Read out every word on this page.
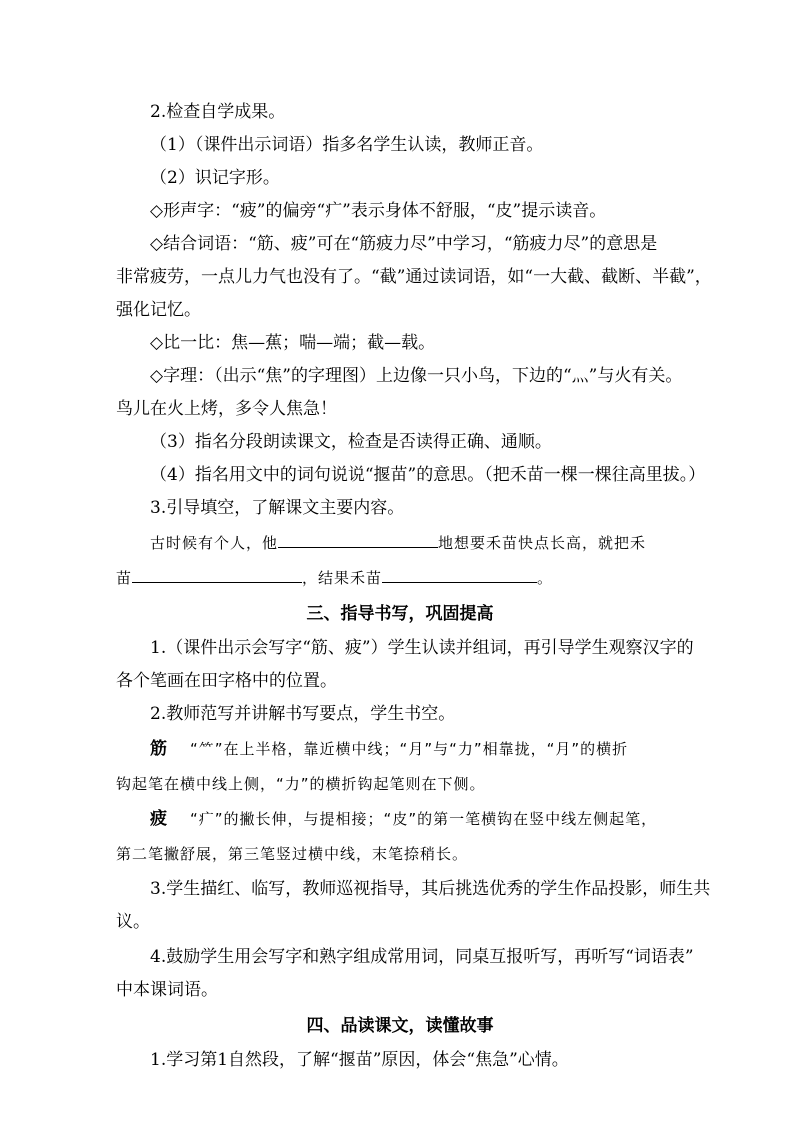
2.检查自学成果。

（1）（课件出示词语）指多名学生认读，教师正音。

（2）识记字形。

◇形声字：“疲”的偏旁“疒”表示身体不舒服，“皮”提示读音。

◇结合词语：“筋、疲”可在“筋疲力尽”中学习，“筋疲力尽”的意思是

非常疲劳，一点儿力气也没有了。“截”通过读词语，如“一大截、截断、半截”，

强化记忆。

◇比一比：焦—蕉；喘—端；截—载。

◇字理：（出示“焦”的字理图）上边像一只小鸟，下边的“灬”与火有关。

鸟儿在火上烤，多令人焦急！

（3）指名分段朗读课文，检查是否读得正确、通顺。

（4）指名用文中的词句说说“揠苗”的意思。（把禾苗一棵一棵往高里拔。）

3.引导填空，了解课文主要内容。

古时候有个人，他	地想要禾苗快点长高，就把禾

苗	，结果禾苗	。

三、指导书写，巩固提高

1.（课件出示会写字“筋、疲”）学生认读并组词，再引导学生观察汉字的

各个笔画在田字格中的位置。

2.教师范写并讲解书写要点，学生书空。

筋 “⺮”在上半格，靠近横中线；“月”与“力”相靠拢，“月”的横折

钩起笔在横中线上侧，“力”的横折钩起笔则在下侧。

疲 “疒”的撇长伸，与提相接；“皮”的第一笔横钩在竖中线左侧起笔，

第二笔撇舒展，第三笔竖过横中线，末笔捺稍长。

3.学生描红、临写，教师巡视指导，其后挑选优秀的学生作品投影，师生共

议。

4.鼓励学生用会写字和熟字组成常用词，同桌互报听写，再听写“词语表”

中本课词语。

四、品读课文，读懂故事

1.学习第1自然段，了解“揠苗”原因，体会“焦急”心情。
